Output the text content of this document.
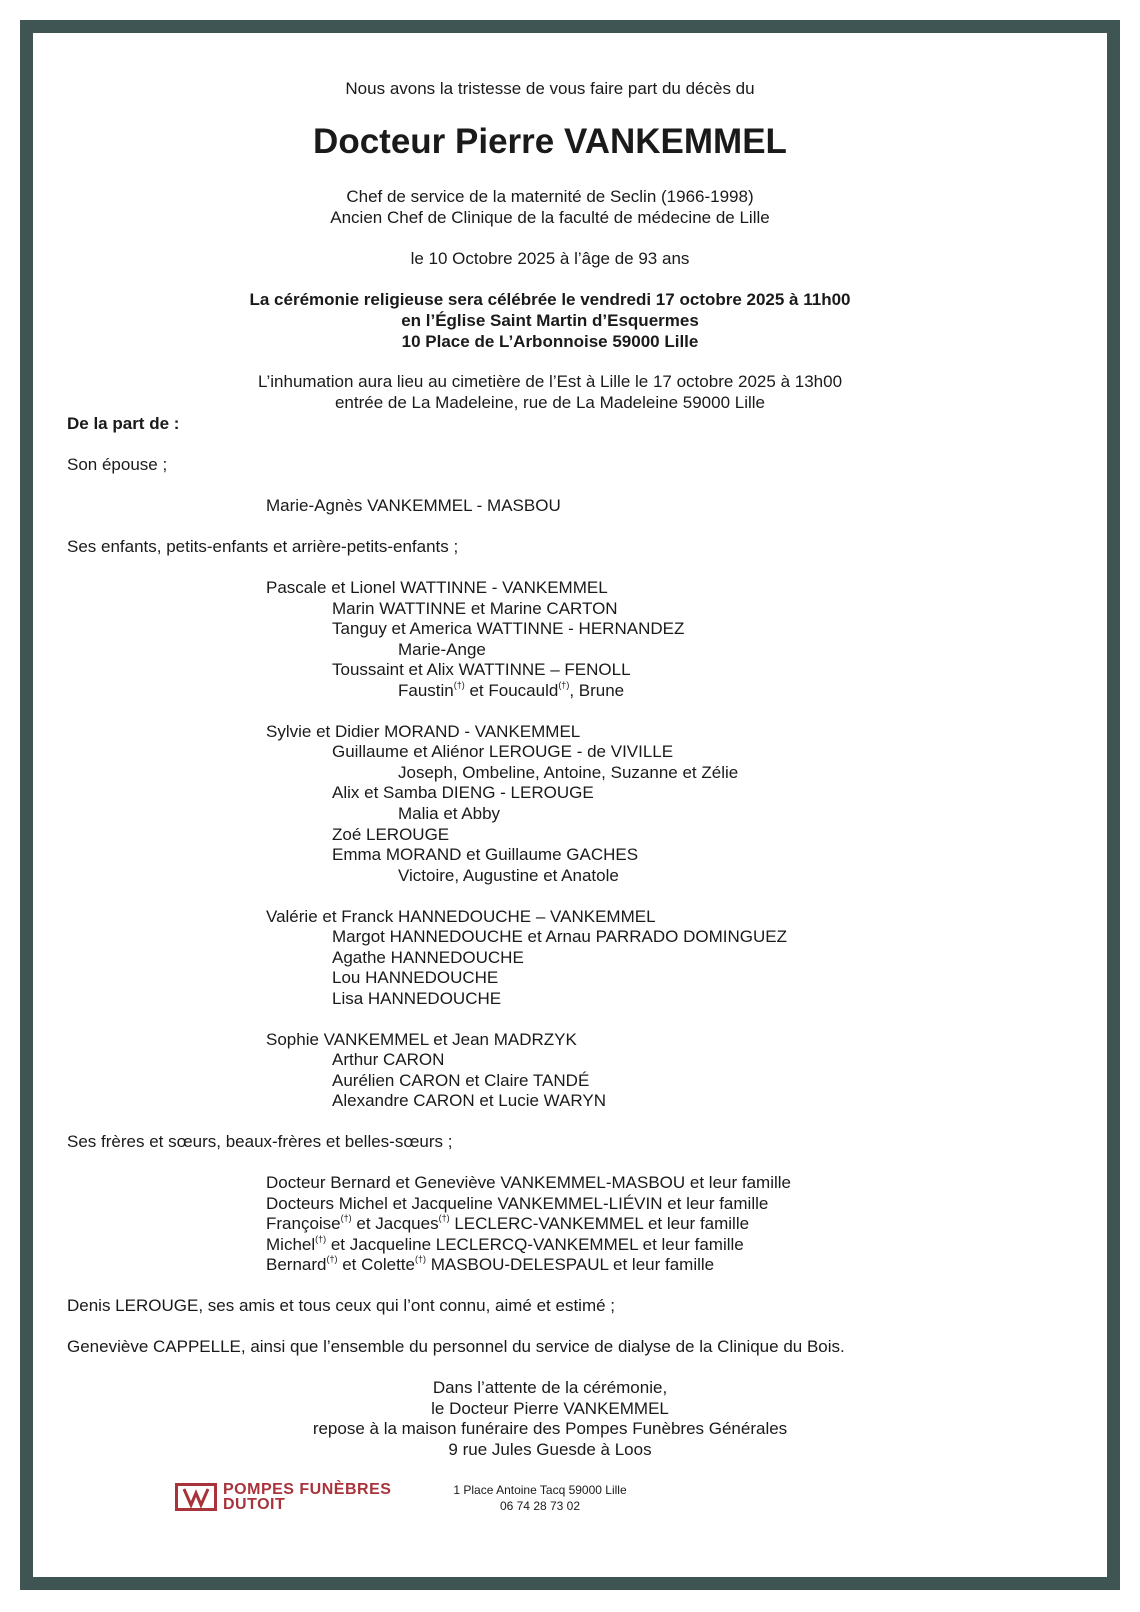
Nous avons la tristesse de vous faire part du décès du
Docteur Pierre VANKEMMEL
Chef de service de la maternité de Seclin (1966-1998)
Ancien Chef de Clinique de la faculté de médecine de Lille
le 10 Octobre 2025 à l’âge de 93 ans
La cérémonie religieuse sera célébrée le vendredi 17 octobre 2025 à 11h00
en l’Église Saint Martin d’Esquermes
10 Place de L’Arbonnoise 59000 Lille
L’inhumation aura lieu au cimetière de l’Est à Lille le 17 octobre 2025 à 13h00
entrée de La Madeleine, rue de La Madeleine 59000 Lille
De la part de :
Son épouse ;
Marie-Agnès VANKEMMEL - MASBOU
Ses enfants, petits-enfants et arrière-petits-enfants ;
Pascale et Lionel WATTINNE - VANKEMMEL
Marin WATTINNE et Marine CARTON
Tanguy et America WATTINNE - HERNANDEZ
Marie-Ange
Toussaint et Alix WATTINNE – FENOLL
Faustin(†) et Foucauld(†), Brune
Sylvie et Didier MORAND - VANKEMMEL
Guillaume et Aliénor LEROUGE - de VIVILLE
Joseph, Ombeline, Antoine, Suzanne et Zélie
Alix et Samba DIENG - LEROUGE
Malia et Abby
Zoé LEROUGE
Emma MORAND et Guillaume GACHES
Victoire, Augustine et Anatole
Valérie et Franck HANNEDOUCHE – VANKEMMEL
Margot HANNEDOUCHE et Arnau PARRADO DOMINGUEZ
Agathe HANNEDOUCHE
Lou HANNEDOUCHE
Lisa HANNEDOUCHE
Sophie VANKEMMEL et Jean MADRZYK
Arthur CARON
Aurélien CARON et Claire TANDÉ
Alexandre CARON et Lucie WARYN
Ses frères et sœurs, beaux-frères et belles-sœurs ;
Docteur Bernard et Geneviève VANKEMMEL-MASBOU et leur famille
Docteurs Michel et Jacqueline VANKEMMEL-LIÉVIN et leur famille
Françoise(†) et Jacques(†) LECLERC-VANKEMMEL et leur famille
Michel(†) et Jacqueline LECLERCQ-VANKEMMEL et leur famille
Bernard(†) et Colette(†) MASBOU-DELESPAUL et leur famille
Denis LEROUGE, ses amis et tous ceux qui l’ont connu, aimé et estimé ;
Geneviève CAPPELLE, ainsi que l’ensemble du personnel du service de dialyse de la Clinique du Bois.
Dans l’attente de la cérémonie,
le Docteur Pierre VANKEMMEL
repose à la maison funéraire des Pompes Funèbres Générales
9 rue Jules Guesde à Loos
POMPES FUNÈBRES
DUTOIT
1 Place Antoine Tacq 59000 Lille
06 74 28 73 02
